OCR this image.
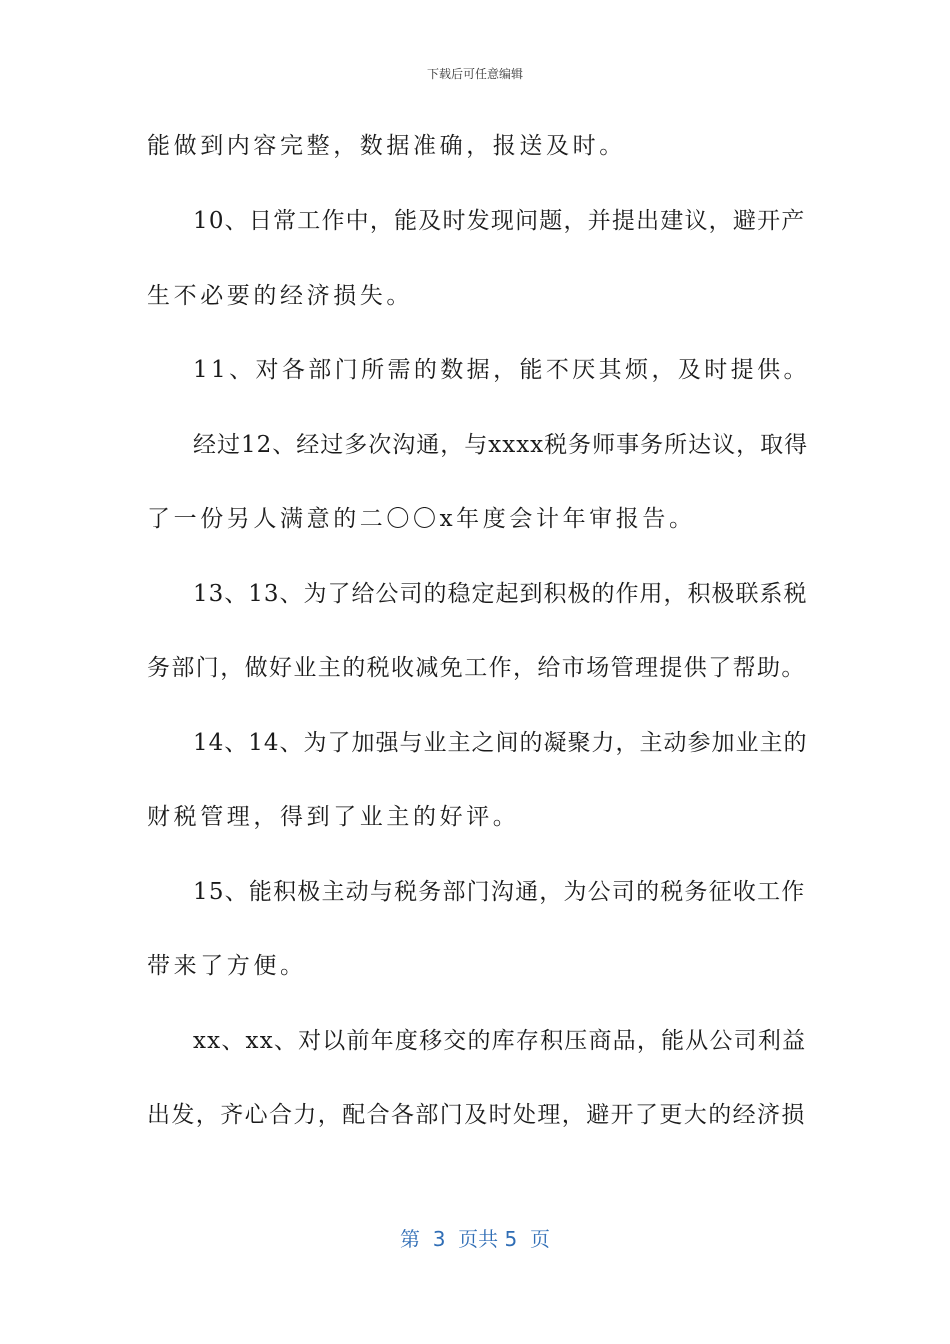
下载后可任意编辑
能做到内容完整，数据准确，报送及时。
10、日常工作中，能及时发现问题，并提出建议，避开产
生不必要的经济损失。
11、对各部门所需的数据，能不厌其烦，及时提供。
经过12、经过多次沟通，与xxxx税务师事务所达议，取得
了一份另人满意的二〇〇x年度会计年审报告。
13、13、为了给公司的稳定起到积极的作用，积极联系税
务部门，做好业主的税收减免工作，给市场管理提供了帮助。
14、14、为了加强与业主之间的凝聚力，主动参加业主的
财税管理，得到了业主的好评。
15、能积极主动与税务部门沟通，为公司的税务征收工作
带来了方便。
xx、xx、对以前年度移交的库存积压商品，能从公司利益
出发，齐心合力，配合各部门及时处理，避开了更大的经济损
第  3  页共 5  页
